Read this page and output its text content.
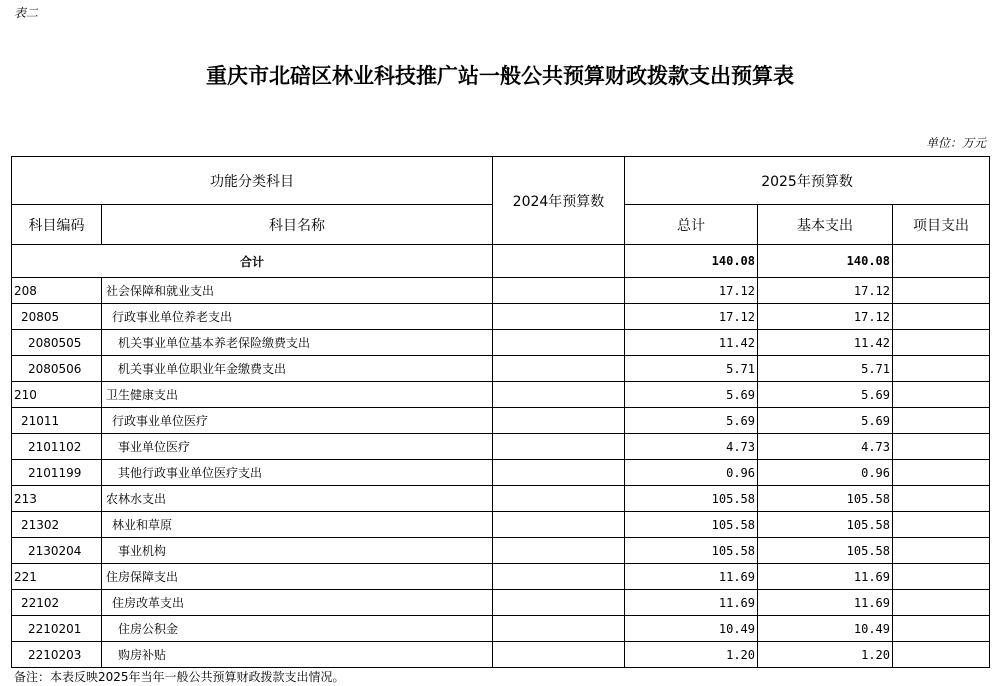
表二
重庆市北碚区林业科技推广站一般公共预算财政拨款支出预算表
单位：万元
功能分类科目		2024年预算数	2025年预算数		
科目编码	科目名称		总计	基本支出	项目支出
合计			140.08	140.08	
208	社会保障和就业支出		17.12	17.12	
20805	行政事业单位养老支出		17.12	17.12	
2080505	机关事业单位基本养老保险缴费支出		11.42	11.42	
2080506	机关事业单位职业年金缴费支出		5.71	5.71	
210	卫生健康支出		5.69	5.69	
21011	行政事业单位医疗		5.69	5.69	
2101102	事业单位医疗		4.73	4.73	
2101199	其他行政事业单位医疗支出		0.96	0.96	
213	农林水支出		105.58	105.58	
21302	林业和草原		105.58	105.58	
2130204	事业机构		105.58	105.58	
221	住房保障支出		11.69	11.69	
22102	住房改革支出		11.69	11.69	
2210201	住房公积金		10.49	10.49	
2210203	购房补贴		1.20	1.20	
备注：本表反映2025年当年一般公共预算财政拨款支出情况。
